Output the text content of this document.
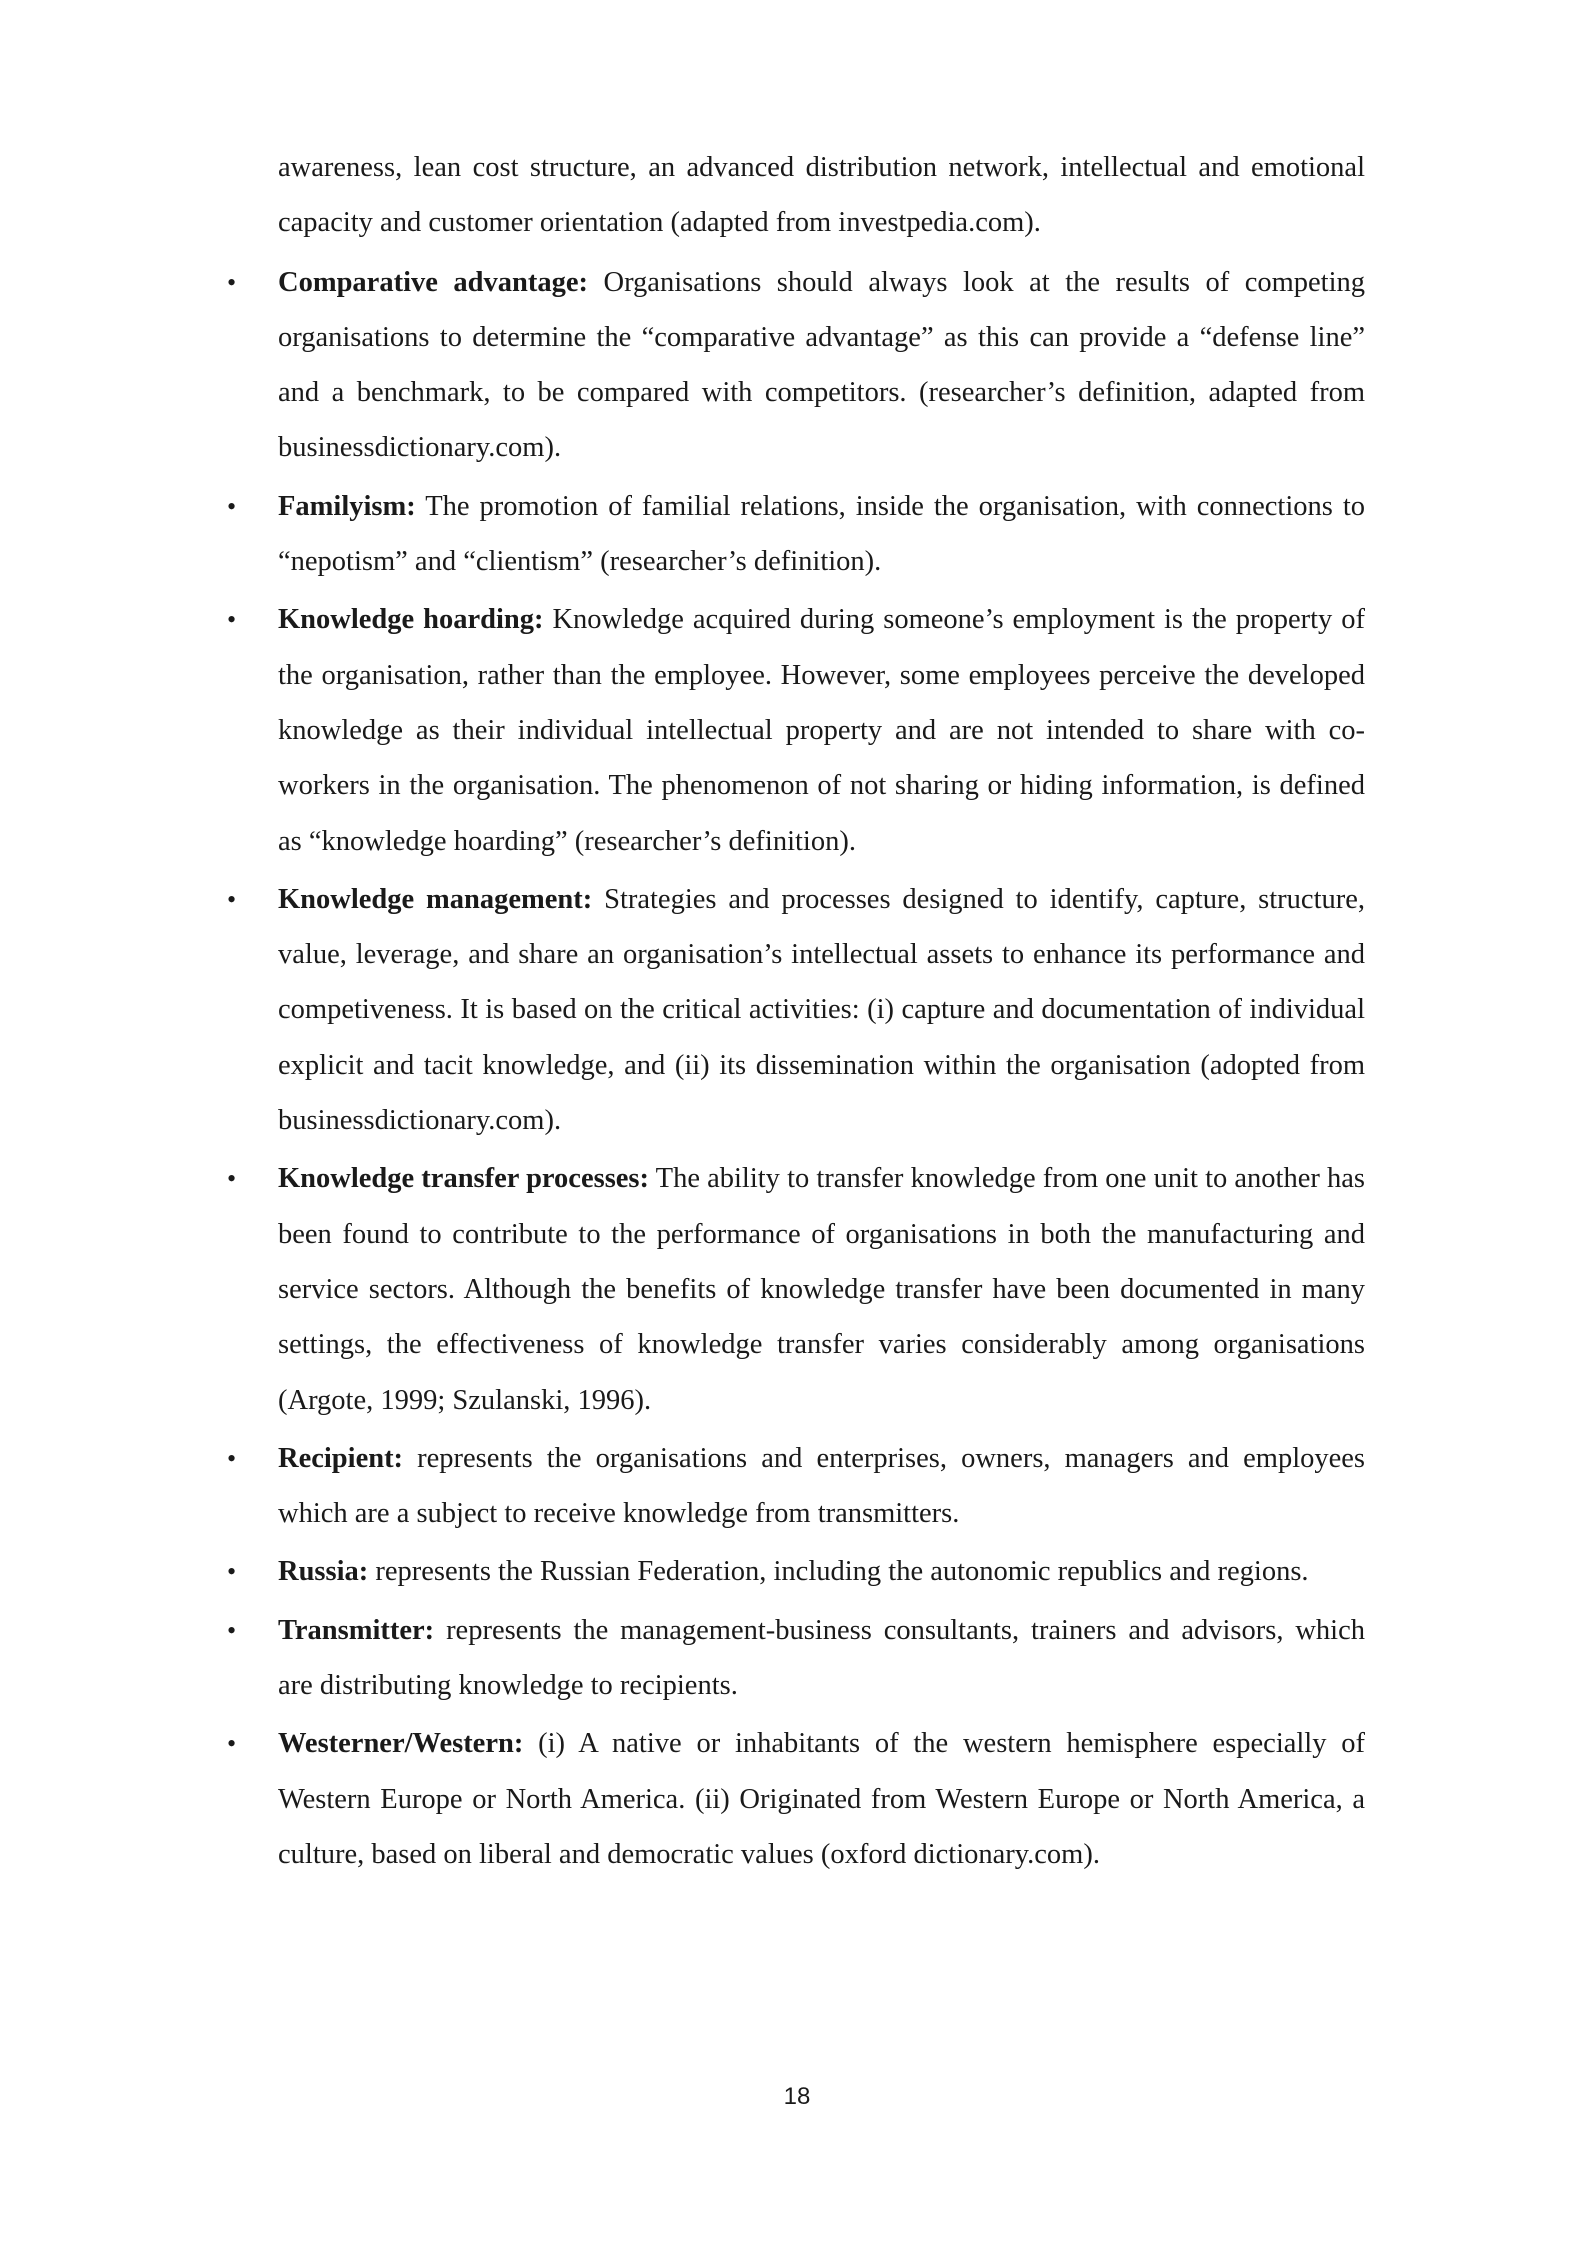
awareness, lean cost structure, an advanced distribution network, intellectual and emotional capacity and customer orientation (adapted from investpedia.com).

• Comparative advantage: Organisations should always look at the results of competing organisations to determine the “comparative advantage” as this can provide a “defense line” and a benchmark, to be compared with competitors. (researcher’s definition, adapted from businessdictionary.com).
• Familyism: The promotion of familial relations, inside the organisation, with connections to “nepotism” and “clientism” (researcher’s definition).
• Knowledge hoarding: Knowledge acquired during someone’s employment is the property of the organisation, rather than the employee. However, some employees perceive the developed knowledge as their individual intellectual property and are not intended to share with co-workers in the organisation. The phenomenon of not sharing or hiding information, is defined as “knowledge hoarding” (researcher’s definition).
• Knowledge management: Strategies and processes designed to identify, capture, structure, value, leverage, and share an organisation’s intellectual assets to enhance its performance and competiveness. It is based on the critical activities: (i) capture and documentation of individual explicit and tacit knowledge, and (ii) its dissemination within the organisation (adopted from businessdictionary.com).
• Knowledge transfer processes: The ability to transfer knowledge from one unit to another has been found to contribute to the performance of organisations in both the manufacturing and service sectors. Although the benefits of knowledge transfer have been documented in many settings, the effectiveness of knowledge transfer varies considerably among organisations (Argote, 1999; Szulanski, 1996).
• Recipient: represents the organisations and enterprises, owners, managers and employees which are a subject to receive knowledge from transmitters.
• Russia: represents the Russian Federation, including the autonomic republics and regions.
• Transmitter: represents the management-business consultants, trainers and advisors, which are distributing knowledge to recipients.
• Westerner/Western: (i) A native or inhabitants of the western hemisphere especially of Western Europe or North America. (ii) Originated from Western Europe or North America, a culture, based on liberal and democratic values (oxford dictionary.com).
18
